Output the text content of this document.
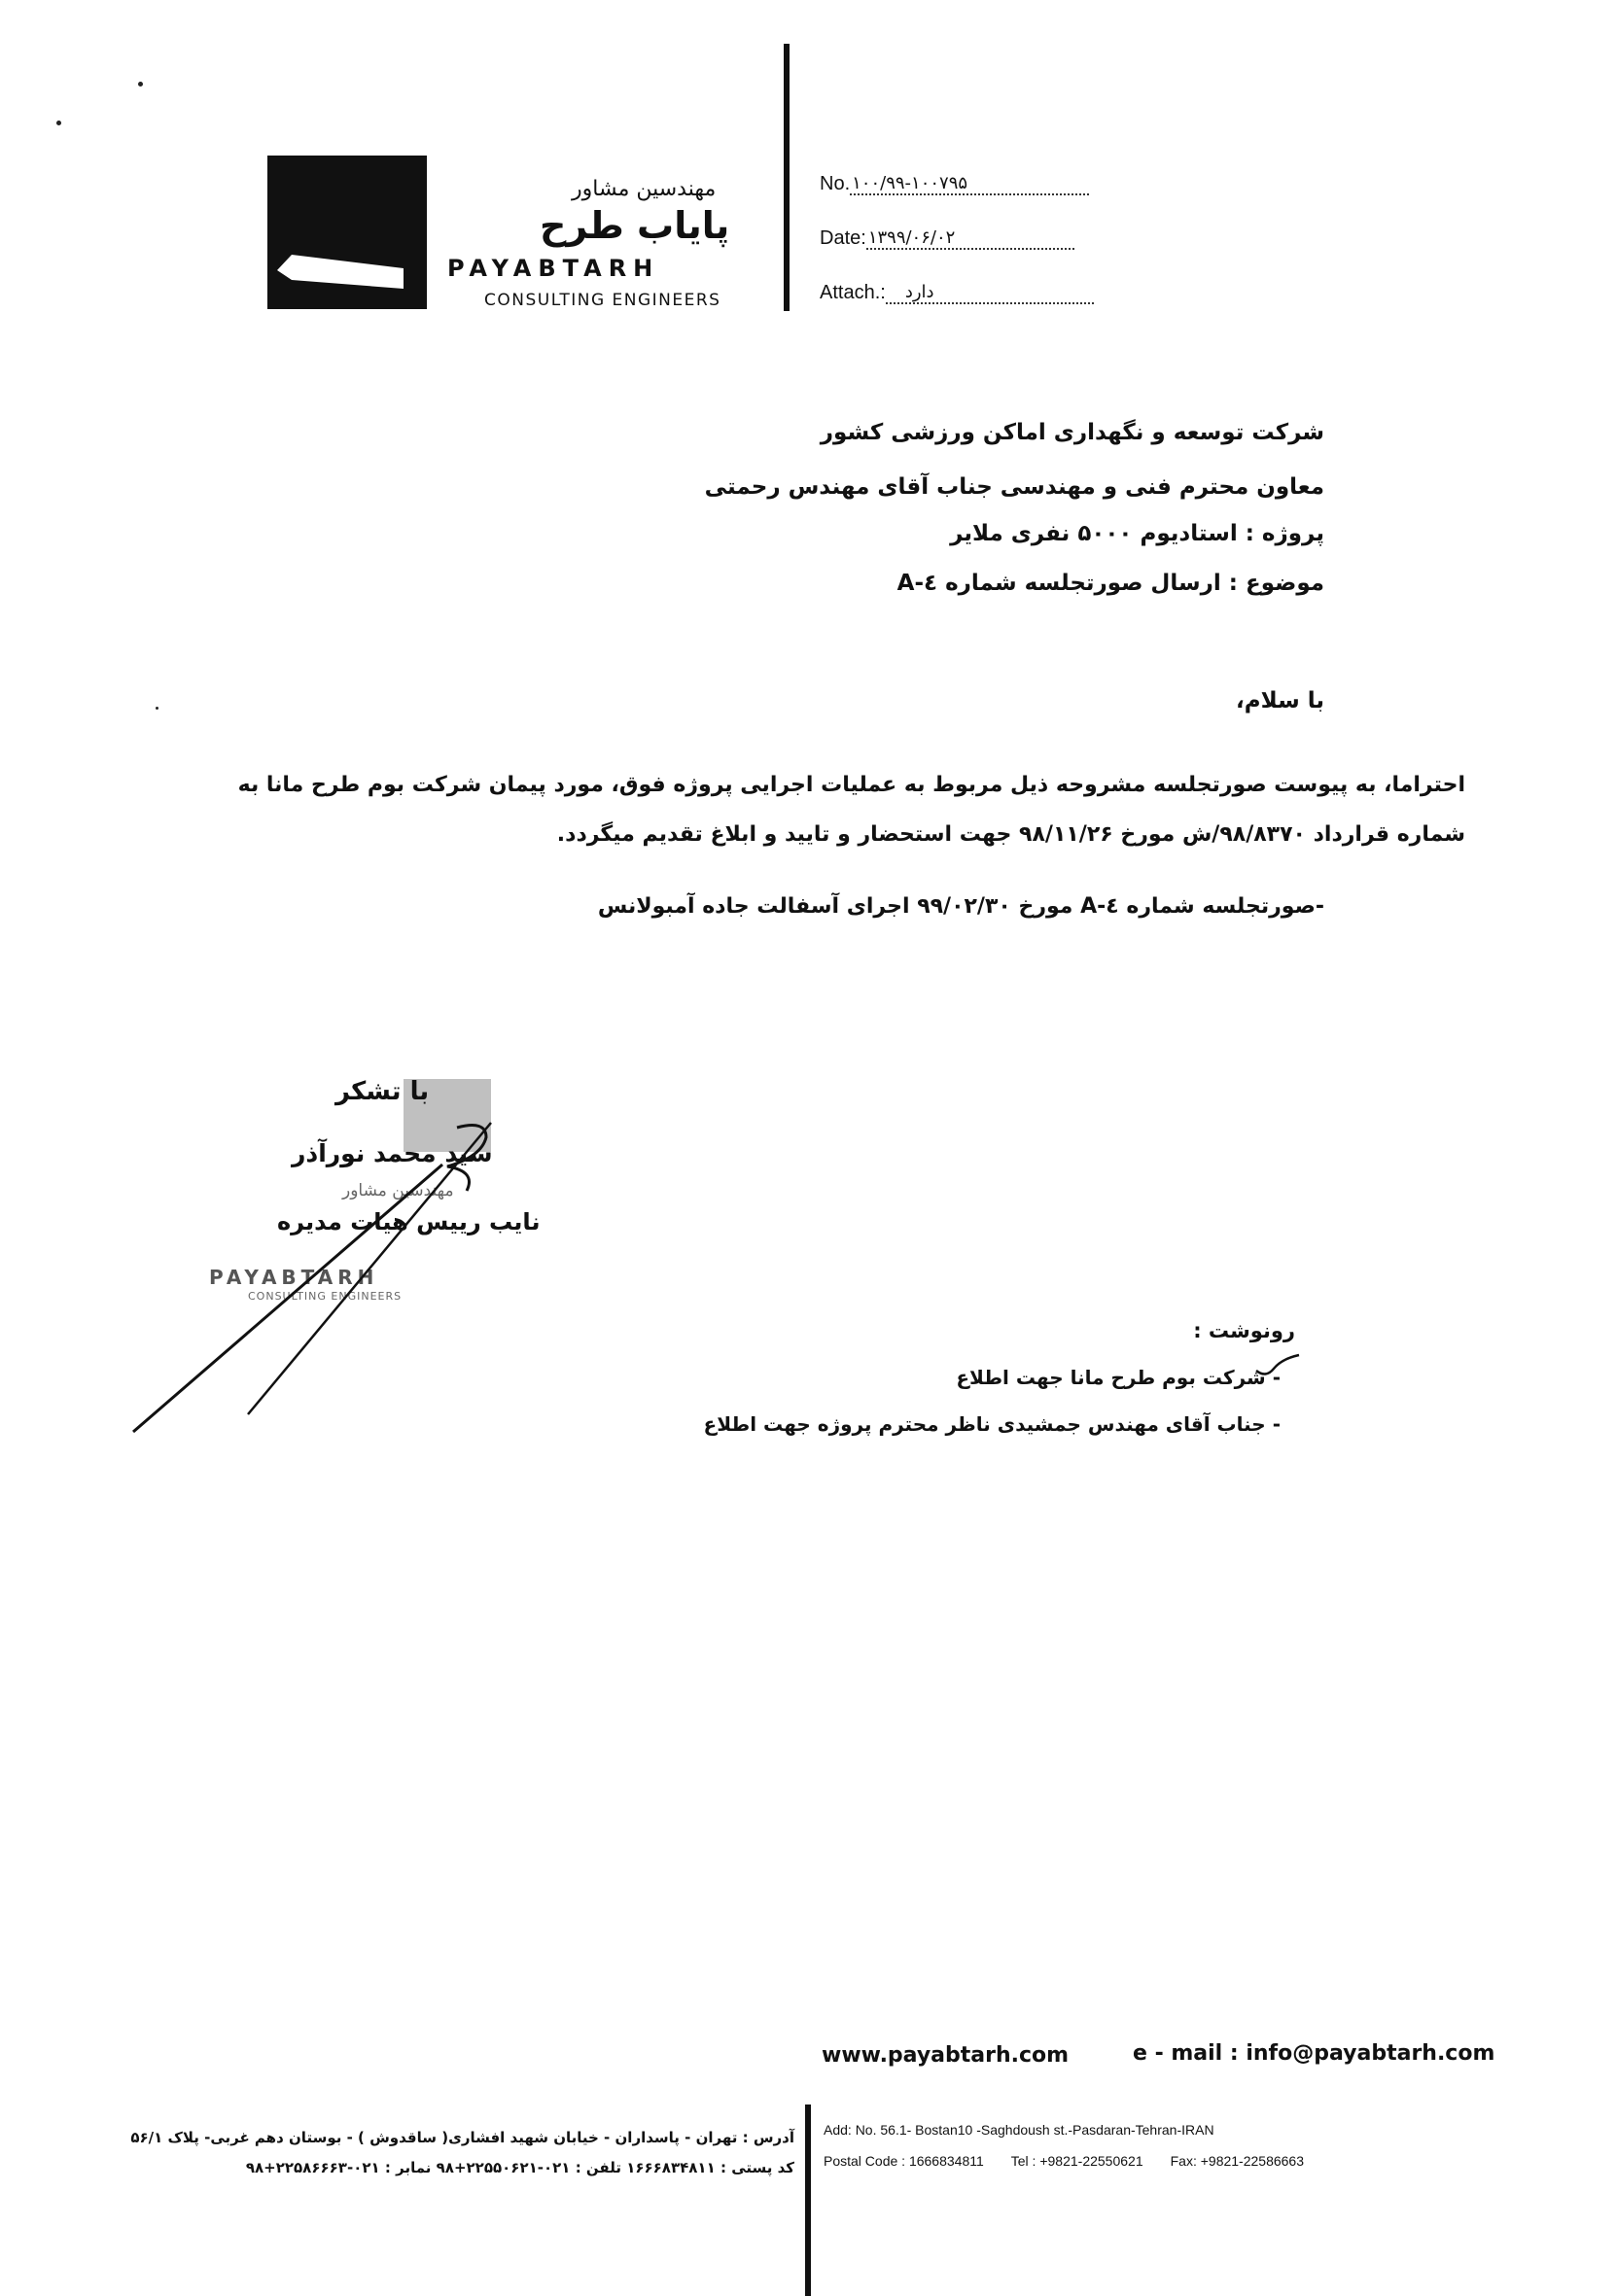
مهندسین مشاور
پایاب طرح
PAYABTARH
CONSULTING ENGINEERS
No. ۱۰۰/۹۹-۱۰۰۷۹۵
Date: ۱۳۹۹/۰۶/۰۲
Attach.:	دارد
شرکت توسعه و نگهداری اماکن ورزشی کشور
معاون محترم فنی و مهندسی جناب آقای مهندس رحمتی
پروژه : استادیوم ۵۰۰۰ نفری ملایر
موضوع : ارسال صورتجلسه شماره ٤-A
با سلام،
احتراما، به پیوست صورتجلسه مشروحه ذیل مربوط به عملیات اجرایی پروژه فوق، مورد پیمان شرکت بوم طرح مانا به
شماره قرارداد ۹۸/۸۳۷۰/ش مورخ ۹۸/۱۱/۲۶ جهت استحضار و تایید و ابلاغ تقدیم میگردد.
-صورتجلسه شماره ٤-A مورخ ۹۹/۰۲/۳۰ اجرای آسفالت جاده آمبولانس
با تشکر
سید محمد نورآذر
مهندسین مشاور
نایب رییس هیات مدیره
PAYABTARH
CONSULTING ENGINEERS
رونوشت :
- شرکت بوم طرح مانا جهت اطلاع
- جناب آقای مهندس جمشیدی ناظر محترم پروژه جهت اطلاع
www.payabtarh.com	e - mail : info@payabtarh.com
Add: No. 56.1- Bostan10 -Saghdoush st.-Pasdaran-Tehran-IRAN
Postal Code : 1666834811 Tel : +9821-22550621 Fax: +9821-22586663
آدرس : تهران - پاسداران - خیابان شهید افشاری( ساقدوش ) - بوستان دهم غربی- پلاک ۵۶/۱
کد پستی : ۱۶۶۶۸۳۴۸۱۱ تلفن : ۰۲۱-۲۲۵۵۰۶۲۱+۹۸ نمابر : ۰۲۱-۲۲۵۸۶۶۶۳+۹۸
